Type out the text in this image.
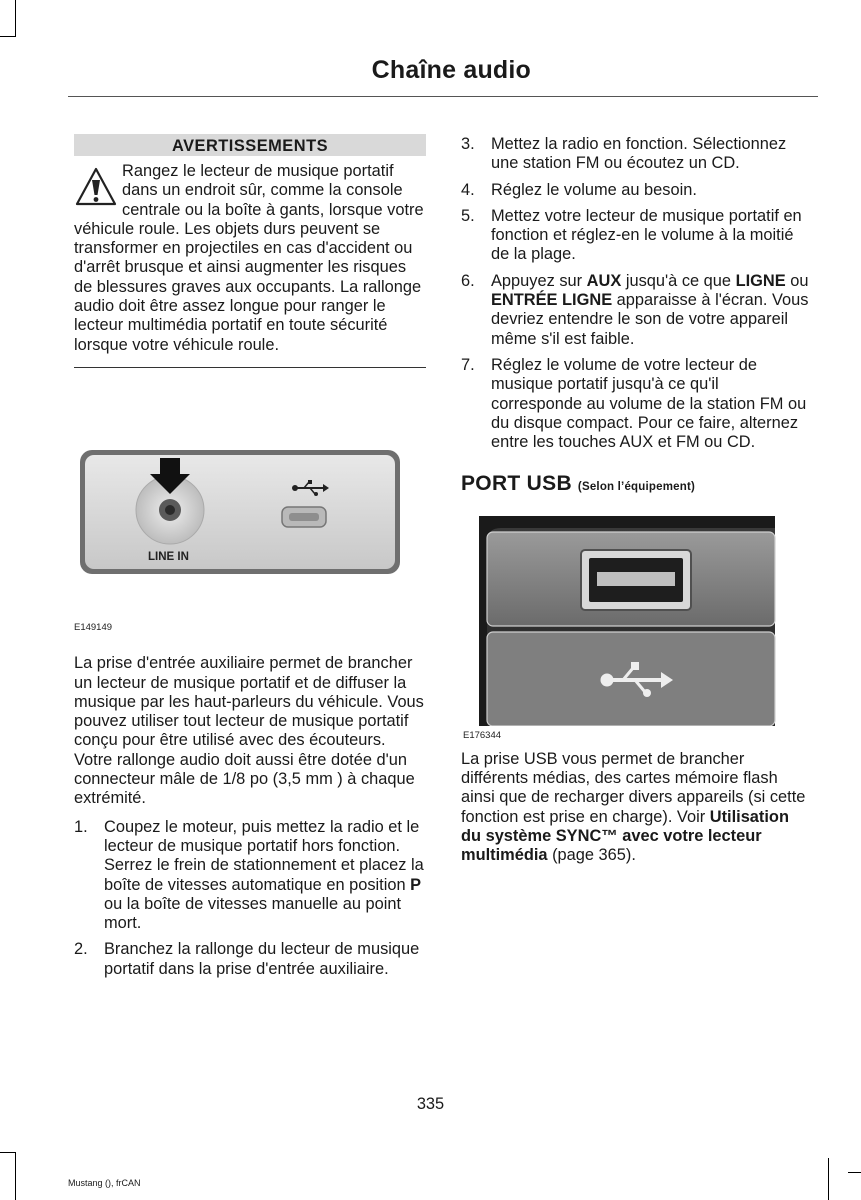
Chaîne audio
AVERTISSEMENTS

Rangez le lecteur de musique portatif dans un endroit sûr, comme la console centrale ou la boîte à gants, lorsque votre véhicule roule. Les objets durs peuvent se transformer en projectiles en cas d'accident ou d'arrêt brusque et ainsi augmenter les risques de blessures graves aux occupants. La rallonge audio doit être assez longue pour ranger le lecteur multimédia portatif en toute sécurité lorsque votre véhicule roule.

LINE IN
E149149

La prise d'entrée auxiliaire permet de brancher un lecteur de musique portatif et de diffuser la musique par les haut-parleurs du véhicule. Vous pouvez utiliser tout lecteur de musique portatif conçu pour être utilisé avec des écouteurs. Votre rallonge audio doit aussi être dotée d'un connecteur mâle de 1/8 po (3,5 mm ) à chaque extrémité.

1. Coupez le moteur, puis mettez la radio et le lecteur de musique portatif hors fonction. Serrez le frein de stationnement et placez la boîte de vitesses automatique en position P ou la boîte de vitesses manuelle au point mort.
2. Branchez la rallonge du lecteur de musique portatif dans la prise d'entrée auxiliaire.
3. Mettez la radio en fonction. Sélectionnez une station FM ou écoutez un CD.
4. Réglez le volume au besoin.
5. Mettez votre lecteur de musique portatif en fonction et réglez-en le volume à la moitié de la plage.
6. Appuyez sur AUX jusqu'à ce que LIGNE ou ENTRÉE LIGNE apparaisse à l'écran. Vous devriez entendre le son de votre appareil même s'il est faible.
7. Réglez le volume de votre lecteur de musique portatif jusqu'à ce qu'il corresponde au volume de la station FM ou du disque compact. Pour ce faire, alternez entre les touches AUX et FM ou CD.
PORT USB (Selon l’équipement)
E176344

La prise USB vous permet de brancher différents médias, des cartes mémoire flash ainsi que de recharger divers appareils (si cette fonction est prise en charge). Voir Utilisation du système SYNC™ avec votre lecteur multimédia (page 365).

335
Mustang (), frCAN
